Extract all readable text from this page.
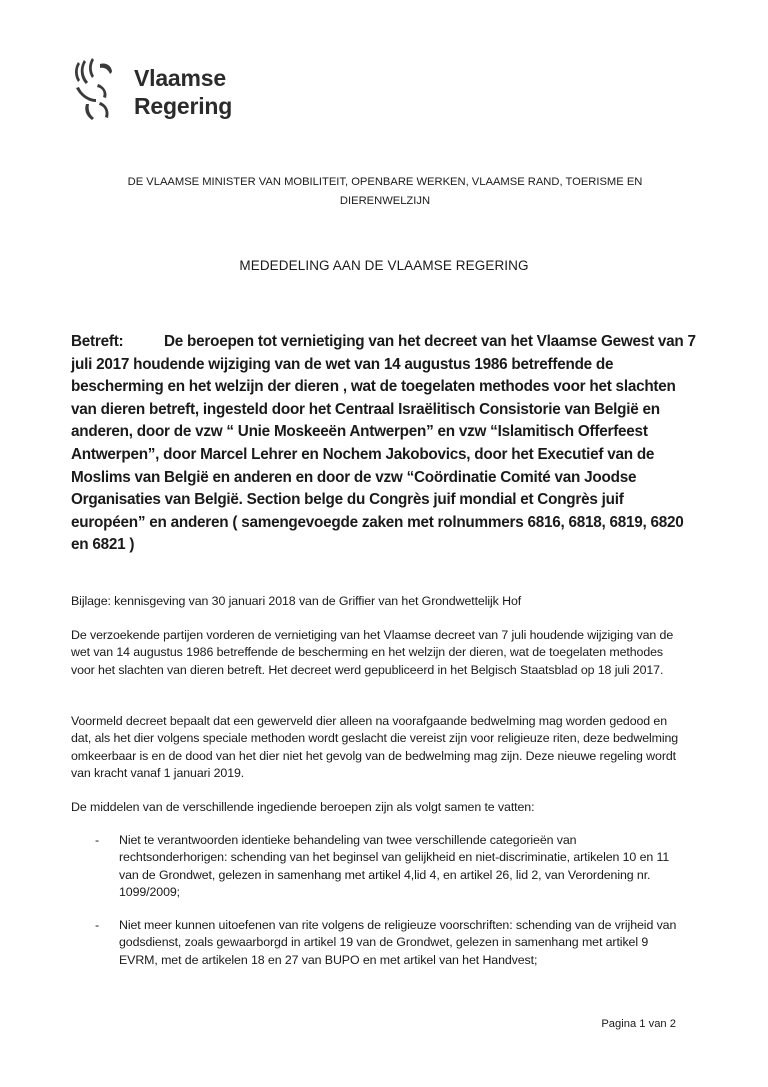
Vlaamse
Regering
DE VLAAMSE MINISTER VAN MOBILITEIT, OPENBARE WERKEN, VLAAMSE RAND, TOERISME EN DIERENWELZIJN
MEDEDELING AAN DE VLAAMSE REGERING
Betreft:	De beroepen tot vernietiging van het decreet van het Vlaamse Gewest van 7 juli 2017 houdende wijziging van de wet van 14 augustus 1986 betreffende de bescherming en het welzijn der dieren , wat de toegelaten methodes voor het slachten van dieren betreft, ingesteld door het Centraal Israëlitisch Consistorie van België en anderen, door de vzw “ Unie Moskeeën Antwerpen” en vzw “Islamitisch Offerfeest Antwerpen”, door Marcel Lehrer en Nochem Jakobovics, door het Executief van de Moslims van België en anderen en door de vzw “Coördinatie Comité van Joodse Organisaties van België. Section belge du Congrès juif mondial et Congrès juif européen” en anderen ( samengevoegde zaken met rolnummers 6816, 6818, 6819, 6820 en 6821 )
Bijlage: kennisgeving van 30 januari 2018 van de Griffier van het Grondwettelijk Hof
De verzoekende partijen vorderen de vernietiging van het Vlaamse decreet van 7 juli houdende wijziging van de wet van 14 augustus 1986 betreffende de bescherming en het welzijn der dieren, wat de toegelaten methodes voor het slachten van dieren betreft. Het decreet werd gepubliceerd in het Belgisch Staatsblad op 18 juli 2017.
Voormeld decreet bepaalt dat een gewerveld dier alleen na voorafgaande bedwelming mag worden gedood en dat, als het dier volgens speciale methoden wordt geslacht die vereist zijn voor religieuze riten, deze bedwelming omkeerbaar is en de dood van het dier niet het gevolg van de bedwelming mag zijn. Deze nieuwe regeling wordt van kracht vanaf 1 januari 2019.
De middelen van de verschillende ingediende beroepen zijn als volgt samen te vatten:
- Niet te verantwoorden identieke behandeling van twee verschillende categorieën van rechtsonderhorigen: schending van het beginsel van gelijkheid en niet-discriminatie, artikelen 10 en 11 van de Grondwet, gelezen in samenhang met artikel 4,lid 4, en artikel 26, lid 2, van Verordening nr. 1099/2009;
- Niet meer kunnen uitoefenen van rite volgens de religieuze voorschriften: schending van de vrijheid van godsdienst, zoals gewaarborgd in artikel 19 van de Grondwet, gelezen in samenhang met artikel 9 EVRM, met de artikelen 18 en 27 van BUPO en met artikel van het Handvest;
Pagina 1 van 2
